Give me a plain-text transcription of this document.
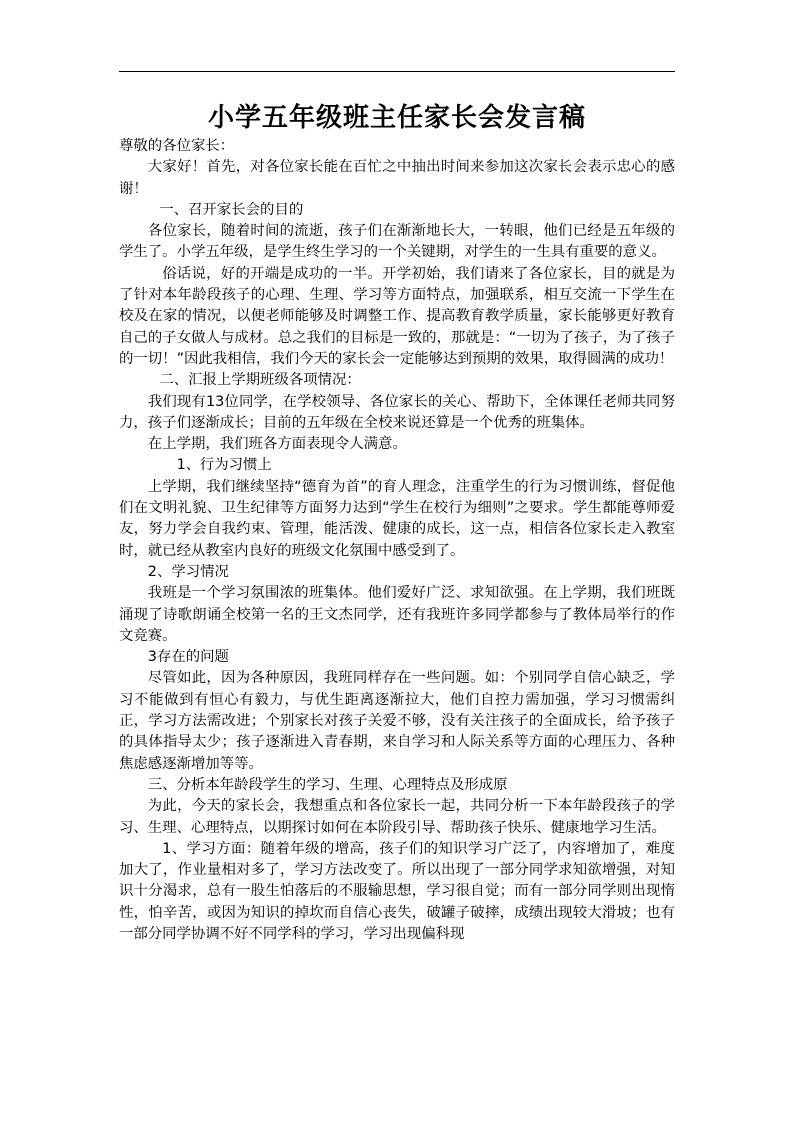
小学五年级班主任家长会发言稿

尊敬的各位家长：

大家好！首先，对各位家长能在百忙之中抽出时间来参加这次家长会表示忠心的感谢！

一、召开家长会的目的

各位家长，随着时间的流逝，孩子们在渐渐地长大，一转眼，他们已经是五年级的学生了。小学五年级，是学生终生学习的一个关键期，对学生的一生具有重要的意义。

俗话说，好的开端是成功的一半。开学初始，我们请来了各位家长，目的就是为了针对本年龄段孩子的心理、生理、学习等方面特点，加强联系，相互交流一下学生在校及在家的情况，以便老师能够及时调整工作、提高教育教学质量，家长能够更好教育自己的子女做人与成材。总之我们的目标是一致的，那就是：“一切为了孩子，为了孩子的一切！”因此我相信，我们今天的家长会一定能够达到预期的效果，取得圆满的成功！

二、汇报上学期班级各项情况：

我们现有13位同学，在学校领导、各位家长的关心、帮助下，全体课任老师共同努力，孩子们逐渐成长；目前的五年级在全校来说还算是一个优秀的班集体。

在上学期，我们班各方面表现令人满意。

1、行为习惯上

上学期，我们继续坚持“德育为首”的育人理念，注重学生的行为习惯训练，督促他们在文明礼貌、卫生纪律等方面努力达到“学生在校行为细则”之要求。学生都能尊师爱友，努力学会自我约束、管理，能活泼、健康的成长，这一点，相信各位家长走入教室时，就已经从教室内良好的班级文化氛围中感受到了。

2、学习情况

我班是一个学习氛围浓的班集体。他们爱好广泛、求知欲强。在上学期，我们班既涌现了诗歌朗诵全校第一名的王文杰同学，还有我班许多同学都参与了教体局举行的作文竞赛。

3存在的问题

尽管如此，因为各种原因，我班同样存在一些问题。如：个别同学自信心缺乏，学习不能做到有恒心有毅力，与优生距离逐渐拉大，他们自控力需加强，学习习惯需纠正，学习方法需改进；个别家长对孩子关爱不够，没有关注孩子的全面成长，给予孩子的具体指导太少；孩子逐渐进入青春期，来自学习和人际关系等方面的心理压力、各种焦虑感逐渐增加等等。

三、分析本年龄段学生的学习、生理、心理特点及形成原

为此，今天的家长会，我想重点和各位家长一起，共同分析一下本年龄段孩子的学习、生理、心理特点，以期探讨如何在本阶段引导、帮助孩子快乐、健康地学习生活。

1、学习方面：随着年级的增高，孩子们的知识学习广泛了，内容增加了，难度加大了，作业量相对多了，学习方法改变了。所以出现了一部分同学求知欲增强，对知识十分渴求，总有一股生怕落后的不服输思想，学习很自觉；而有一部分同学则出现惰性，怕辛苦，或因为知识的掉坎而自信心丧失，破罐子破摔，成绩出现较大滑坡；也有一部分同学协调不好不同学科的学习，学习出现偏科现
